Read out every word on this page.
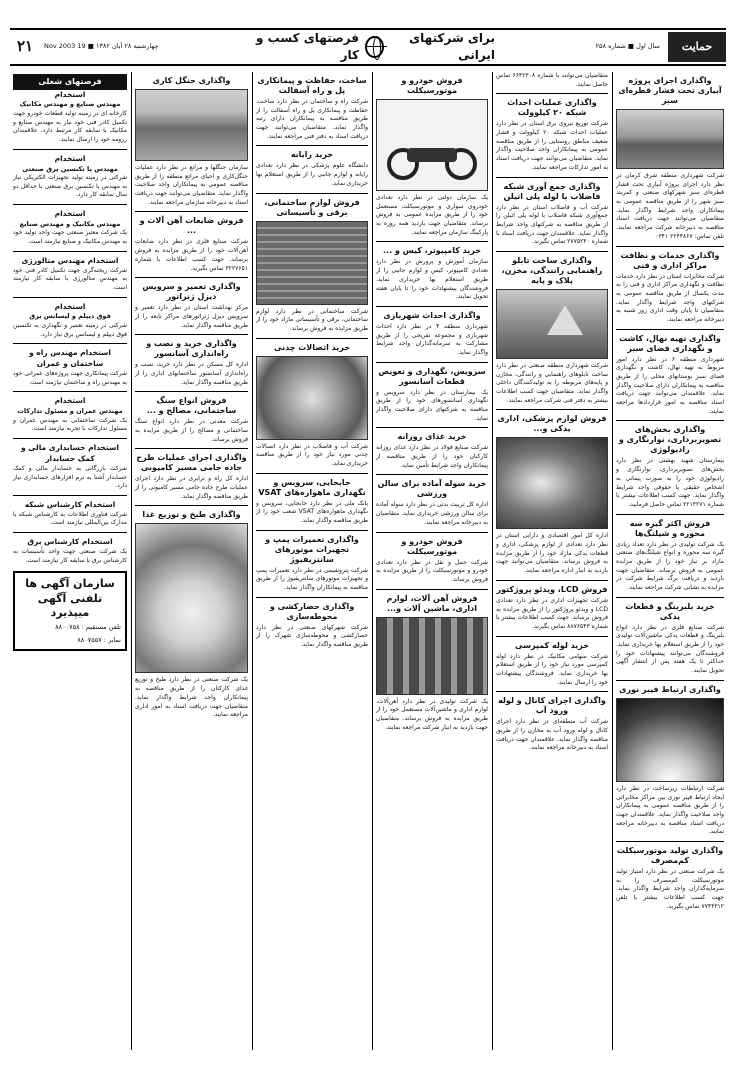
۲۱	چهارشنبه ۲۸ آبان ۱۳۸۲ ■ 19 Nov 2003
برای شرکتهای ایرانی
فرصتهای کسب و کار
سال اول ■ شماره ۲۵۸	حمایت
واگذاری اجرای پروژه آبیاری تحت فشار قطره‌ای سبز
شرکت شهرداری منطقه شرق کرمان در نظر دارد اجرای پروژه آبیاری تحت فشار قطره‌ای سبز شهرکهای صنعتی و کمربند سبز شهر را از طریق مناقصه عمومی به پیمانکاران واجد شرایط واگذار نماید. متقاضیان می‌توانند جهت دریافت اسناد مناقصه به دبیرخانه شرکت مراجعه نمایند. تلفن تماس: ۲۲۴۴۸۶۷ ۰۳۴۱
واگذاری خدمات و نظافت مراکز اداری و فنی
شرکت مخابرات استان در نظر دارد خدمات نظافت و نگهداری مراکز اداری و فنی را به مدت یکسال از طریق مناقصه عمومی به شرکتهای واجد شرایط واگذار نماید. متقاضیان تا پایان وقت اداری روز شنبه به دبیرخانه مراجعه نمایند.
واگذاری تهیه نهال، کاشت و نگهداری فضای سبز
شهرداری منطقه ۶ در نظر دارد امور مربوط به تهیه نهال، کاشت و نگهداری فضای سبز بوستانهای محلی را از طریق مناقصه به پیمانکاران دارای صلاحیت واگذار نماید. علاقمندان می‌توانند جهت دریافت اسناد مناقصه به امور قراردادها مراجعه نمایند.
واگذاری بخش‌های تصویربرداری، نوارنگاری و رادیولوژی
بیمارستان شهید بهشتی در نظر دارد بخش‌های تصویربرداری، نوارنگاری و رادیولوژی خود را به صورت پیمانی به اشخاص حقیقی یا حقوقی واجد شرایط واگذار نماید. جهت کسب اطلاعات بیشتر با شماره ۲۲۱۴۲۷۱ تماس حاصل فرمایید.
فروش اکثر گیره سه محوره و شیلنگ‌ها
یک شرکت تولیدی در نظر دارد تعداد زیادی گیره سه محوره و انواع شیلنگ‌های صنعتی مازاد بر نیاز خود را از طریق مزایده عمومی به فروش برساند. متقاضیان جهت بازدید و دریافت برگ شرایط شرکت در مزایده به نشانی شرکت مراجعه نمایند.
خرید بلبرینگ و قطعات یدکی
شرکت صنایع فلزی در نظر دارد انواع بلبرینگ و قطعات یدکی ماشین‌آلات تولیدی خود را از طریق استعلام بها خریداری نماید. فروشندگان می‌توانند پیشنهادات خود را حداکثر تا یک هفته پس از انتشار آگهی تحویل نمایند.
واگذاری ارتباط فیبر نوری
شرکت ارتباطات زیرساخت در نظر دارد ایجاد ارتباط فیبر نوری بین مراکز مخابراتی را از طریق مناقصه عمومی به پیمانکاران واجد صلاحیت واگذار نماید. علاقمندان جهت دریافت اسناد مناقصه به دبیرخانه مراجعه نمایند.
واگذاری تولید موتورسیکلت کم‌مصرف
یک شرکت صنعتی در نظر دارد امتیاز تولید موتورسیکلت کم‌مصرف را به سرمایه‌گذاران واجد شرایط واگذار نماید. جهت کسب اطلاعات بیشتر با تلفن ۷۷۴۴۳۱۲ تماس بگیرید.
متقاضیان می‌توانند با شماره ۶۶۴۲۳۰۸ تماس حاصل نمایند.
واگذاری عملیات احداث شبکه ۲۰ کیلوولت
شرکت توزیع نیروی برق استان در نظر دارد عملیات احداث شبکه ۲۰ کیلوولت و فشار ضعیف مناطق روستایی را از طریق مناقصه عمومی به پیمانکاران واجد صلاحیت واگذار نماید. متقاضیان می‌توانند جهت دریافت اسناد به امور تدارکات مراجعه نمایند.
واگذاری جمع آوری شبکه فاضلاب با لوله پلی اتیلن
شرکت آب و فاضلاب استان در نظر دارد جمع‌آوری شبکه فاضلاب با لوله پلی اتیلن را از طریق مناقصه به شرکتهای واجد شرایط واگذار نماید. علاقمندان جهت دریافت اسناد با شماره ۲۷۷۵۲۴۰ تماس بگیرند.
واگذاری ساخت تابلو راهنمایی رانندگی، مخزن، پلاک و پایه
شرکت شهرداری منطقه صنعتی در نظر دارد ساخت تابلوهای راهنمایی و رانندگی، مخازن و پایه‌های مربوطه را به تولیدکنندگان داخلی واگذار نماید. متقاضیان جهت کسب اطلاعات بیشتر به دفتر فنی شرکت مراجعه نمایند.
فروش لوازم پزشکی، اداری یدکی و...
اداره کل امور اقتصادی و دارایی استان در نظر دارد تعدادی از لوازم پزشکی، اداری و قطعات یدکی مازاد خود را از طریق مزایده به فروش برساند. متقاضیان می‌توانند جهت بازدید به انبار اداره مراجعه نمایند.
فروش LCD، ویدئو پروژکتور
شرکت تجهیزات اداری در نظر دارد تعدادی LCD و ویدئو پروژکتور را از طریق مزایده به فروش برساند. جهت کسب اطلاعات بیشتر با شماره ۸۸۷۶۵۴۳ تماس بگیرید.
خرید لوله کمپرسی
شرکت سهامی مکانیک در نظر دارد لوله کمپرسی مورد نیاز خود را از طریق استعلام بها خریداری نماید. فروشندگان پیشنهادات خود را ارسال نمایند.
واگذاری اجرای کانال و لوله ورود آب
شرکت آب منطقه‌ای در نظر دارد اجرای کانال و لوله ورود آب به مخازن را از طریق مناقصه واگذار نماید. علاقمندان جهت دریافت اسناد به دبیرخانه مراجعه نمایند.
فروش خودرو و موتورسیکلت
یک سازمان دولتی در نظر دارد تعدادی خودروی سواری و موتورسیکلت مستعمل خود را از طریق مزایده عمومی به فروش برساند. متقاضیان جهت بازدید همه روزه به پارکینگ سازمان مراجعه نمایند.
خرید کامپیوتر، کیس و ...
سازمان آموزش و پرورش در نظر دارد تعدادی کامپیوتر، کیس و لوازم جانبی را از طریق استعلام بها خریداری نماید. فروشندگان پیشنهادات خود را تا پایان هفته تحویل نمایند.
واگذاری احداث شهربازی
شهرداری منطقه ۴ در نظر دارد احداث شهربازی و مجموعه تفریحی را از طریق مشارکت به سرمایه‌گذاران واجد شرایط واگذار نماید.
سرویس، نگهداری و تعویض قطعات آسانسور
یک بیمارستان در نظر دارد سرویس و نگهداری آسانسورهای خود را از طریق مناقصه به شرکتهای دارای صلاحیت واگذار نماید.
خرید غذای روزانه
شرکت صنایع فولاد در نظر دارد غذای روزانه کارکنان خود را از طریق مناقصه از پیمانکاران واجد شرایط تأمین نماید.
خرید سوله آماده برای سالن ورزشی
اداره کل تربیت بدنی در نظر دارد سوله آماده برای سالن ورزشی خریداری نماید. متقاضیان به دبیرخانه مراجعه نمایند.
فروش خودرو و موتورسیکلت
شرکت حمل و نقل در نظر دارد تعدادی خودرو و موتورسیکلت را از طریق مزایده به فروش برساند.
فروش آهن آلات، لوازم اداری، ماشین آلات و...
یک شرکت تولیدی در نظر دارد آهن‌آلات، لوازم اداری و ماشین‌آلات مستعمل خود را از طریق مزایده به فروش برساند. متقاضیان جهت بازدید به انبار شرکت مراجعه نمایند.
ساخت، حفاظت و پیمانکاری پل و راه آسفالت
شرکت راه و ساختمان در نظر دارد ساخت، حفاظت و پیمانکاری پل و راه آسفالت را از طریق مناقصه به پیمانکاران دارای رتبه واگذار نماید. متقاضیان می‌توانند جهت دریافت اسناد به دفتر فنی مراجعه نمایند.
خرید رایانه
دانشگاه علوم پزشکی در نظر دارد تعدادی رایانه و لوازم جانبی را از طریق استعلام بها خریداری نماید.
فروش لوازم ساختمانی، برقی و تأسیساتی
شرکت ساختمانی در نظر دارد لوازم ساختمانی، برقی و تأسیساتی مازاد خود را از طریق مزایده به فروش برساند.
خرید اتصالات چدنی
شرکت آب و فاضلاب در نظر دارد اتصالات چدنی مورد نیاز خود را از طریق مناقصه خریداری نماید.
جابجایی، سرویس و نگهداری ماهواره‌های VSAT
بانک ملی در نظر دارد جابجایی، سرویس و نگهداری ماهواره‌های VSAT شعب خود را از طریق مناقصه واگذار نماید.
واگذاری تعمیرات پمپ و تجهیزات موتورهای سانتریفیوژ
شرکت پتروشیمی در نظر دارد تعمیرات پمپ و تجهیزات موتورهای سانتریفیوژ را از طریق مناقصه به پیمانکاران واگذار نماید.
واگذاری حصارکشی و محوطه‌سازی
شرکت شهرکهای صنعتی در نظر دارد حصارکشی و محوطه‌سازی شهرک را از طریق مناقصه واگذار نماید.
واگذاری جنگل کاری
سازمان جنگلها و مراتع در نظر دارد عملیات جنگل‌کاری و احیای مراتع منطقه را از طریق مناقصه عمومی به پیمانکاران واجد صلاحیت واگذار نماید. متقاضیان می‌توانند جهت دریافت اسناد به دبیرخانه سازمان مراجعه نمایند.
فروش ضایعات آهن آلات و ...
شرکت صنایع فلزی در نظر دارد ضایعات آهن‌آلات خود را از طریق مزایده به فروش برساند. جهت کسب اطلاعات با شماره ۳۲۲۷۶۵۱ تماس بگیرید.
واگذاری تعمیر و سرویس دیزل ژنراتور
مرکز بهداشت استان در نظر دارد تعمیر و سرویس دیزل ژنراتورهای مراکز تابعه را از طریق مناقصه واگذار نماید.
واگذاری خرید و نصب و راه‌اندازی آسانسور
اداره کل مسکن در نظر دارد خرید، نصب و راه‌اندازی آسانسور ساختمانهای اداری را از طریق مناقصه واگذار نماید.
فروش انواع سنگ ساختمانی، مصالح و ...
شرکت معدنی در نظر دارد انواع سنگ ساختمانی و مصالح را از طریق مزایده به فروش برساند.
واگذاری اجرای عملیات طرح جاده جامی مسیر کامیونی
اداره کل راه و ترابری در نظر دارد اجرای عملیات طرح جاده جامی مسیر کامیونی را از طریق مناقصه واگذار نماید.
واگذاری طبخ و توزیع غذا
یک شرکت صنعتی در نظر دارد طبخ و توزیع غذای کارکنان را از طریق مناقصه به پیمانکاران واجد شرایط واگذار نماید. متقاضیان جهت دریافت اسناد به امور اداری مراجعه نمایند.
فرصتهای شغلی
استخدام
مهندس صنایع و مهندس مکانیک
کارخانه ای در زمینه تولید قطعات خودرو جهت تکمیل کادر فنی خود نیاز به مهندس صنایع و مکانیک با سابقه کار مرتبط دارد. علاقمندان رزومه خود را ارسال نمایند.
استخدام
مهندس یا تکنسین برق صنعتی
شرکتی در زمینه تولید تجهیزات الکتریکی نیاز به مهندس یا تکنسین برق صنعتی با حداقل دو سال سابقه کار دارد.
استخدام
مهندس مکانیک و مهندس صنایع
یک شرکت معتبر صنعتی جهت واحد تولید خود به مهندس مکانیک و صنایع نیازمند است.
استخدام مهندس متالورژی
شرکت ریخته‌گری جهت تکمیل کادر فنی خود به مهندس متالورژی با سابقه کار نیازمند است.
استخدام
فوق دیپلم و لیسانس برق
شرکتی در زمینه تعمیر و نگهداری به تکنسین فوق دیپلم و لیسانس برق نیاز دارد.
استخدام مهندس راه و ساختمان و عمران
شرکت پیمانکاری جهت پروژه‌های عمرانی خود به مهندس راه و ساختمان نیازمند است.
استخدام
مهندس عمران و مسئول تدارکات
یک شرکت ساختمانی به مهندس عمران و مسئول تدارکات با تجربه نیازمند است.
استخدام حسابداری مالی و کمک حسابدار
شرکت بازرگانی به حسابدار مالی و کمک حسابدار آشنا به نرم افزارهای حسابداری نیاز دارد.
استخدام کارشناس شبکه
شرکت فناوری اطلاعات به کارشناس شبکه با مدارک بین‌المللی نیازمند است.
استخدام کارشناس برق
یک شرکت صنعتی جهت واحد تأسیسات به کارشناس برق با سابقه کار نیازمند است.
سازمان آگهی ها
تلفنی آگهی میپذیرد
تلفن مستقیم : ۸۸۰۰۷۵۸
نمابر : ۸۸۰۷۵۵۷
